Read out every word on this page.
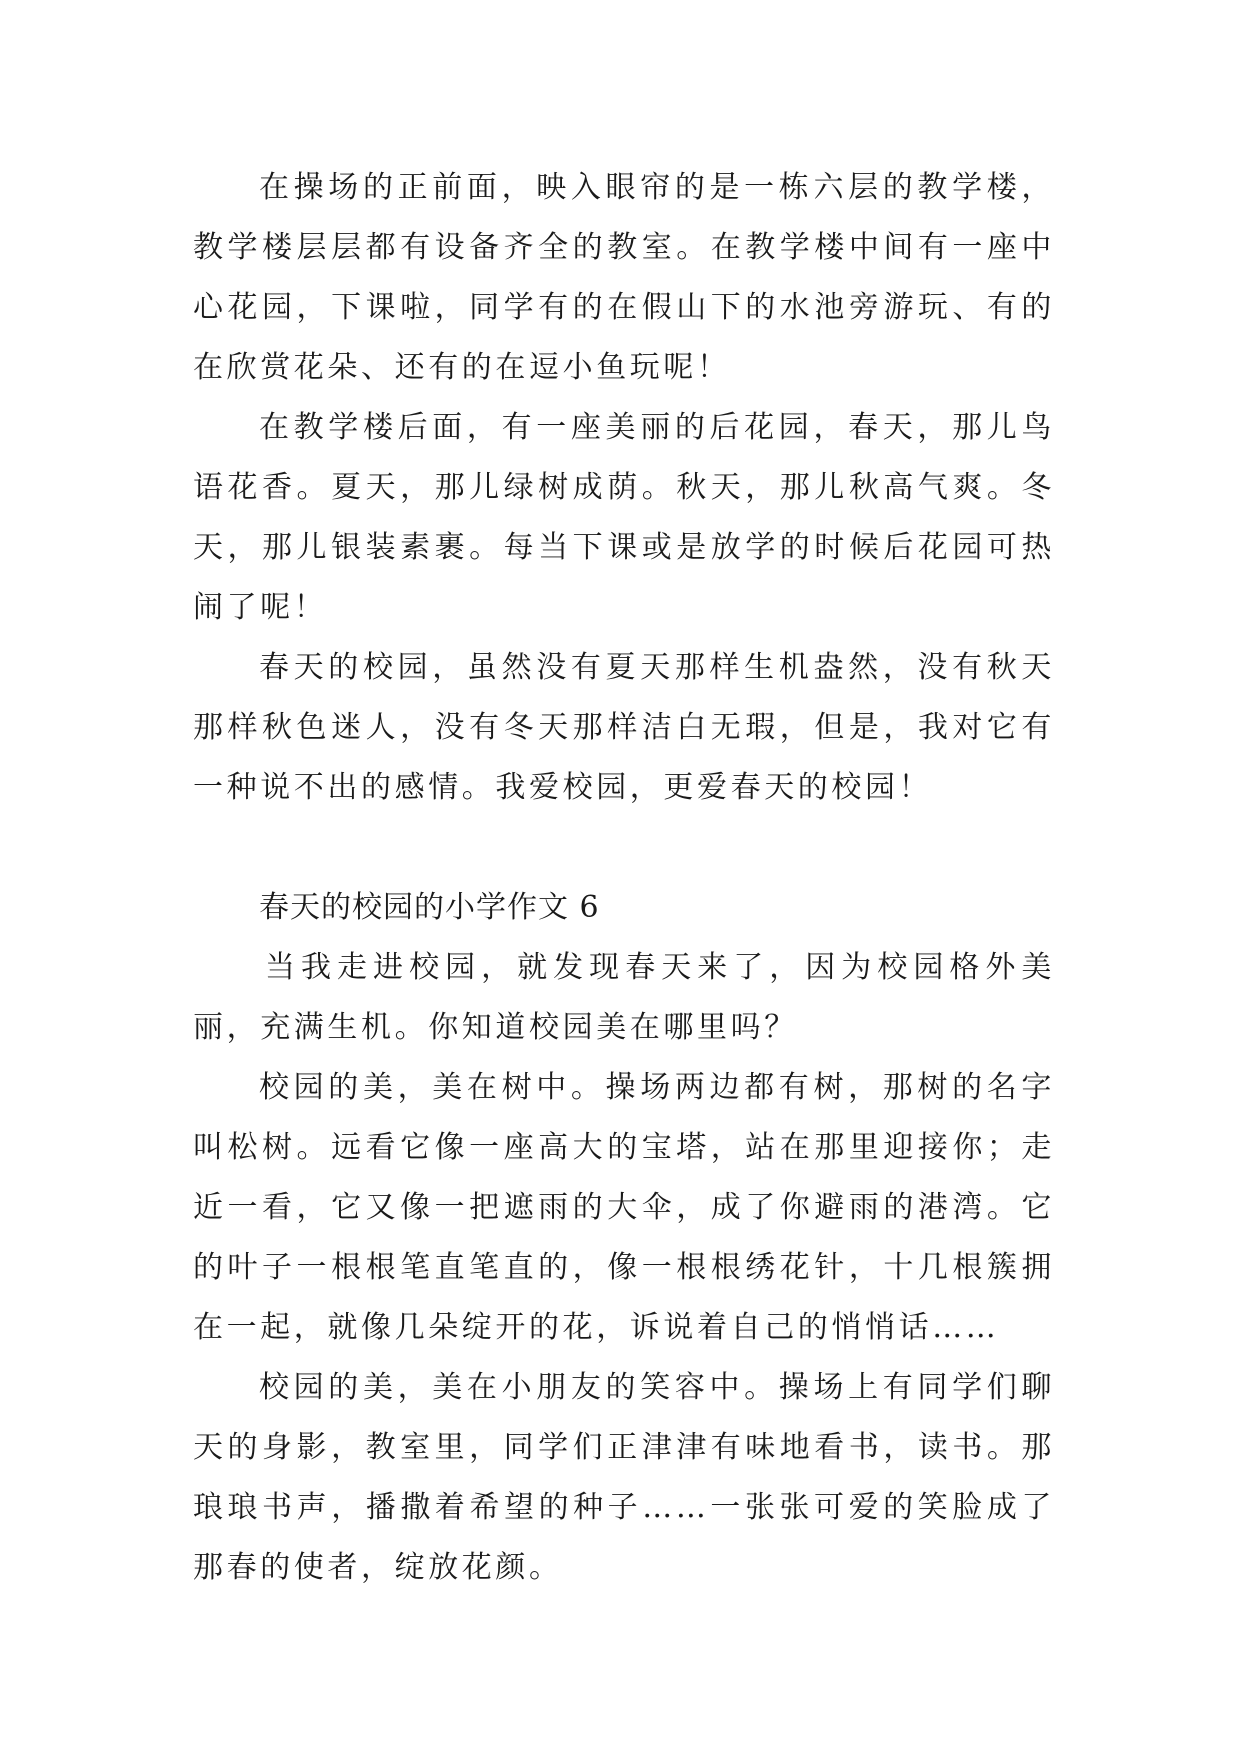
在操场的正前面，映入眼帘的是一栋六层的教学楼，教学楼层层都有设备齐全的教室。在教学楼中间有一座中心花园，下课啦，同学有的在假山下的水池旁游玩、有的在欣赏花朵、还有的在逗小鱼玩呢！

在教学楼后面，有一座美丽的后花园，春天，那儿鸟语花香。夏天，那儿绿树成荫。秋天，那儿秋高气爽。冬天，那儿银装素裹。每当下课或是放学的时候后花园可热闹了呢！

春天的校园，虽然没有夏天那样生机盎然，没有秋天那样秋色迷人，没有冬天那样洁白无瑕，但是，我对它有一种说不出的感情。我爱校园，更爱春天的校园！

春天的校园的小学作文 6

当我走进校园，就发现春天来了，因为校园格外美丽，充满生机。你知道校园美在哪里吗？

校园的美，美在树中。操场两边都有树，那树的名字叫松树。远看它像一座高大的宝塔，站在那里迎接你；走近一看，它又像一把遮雨的大伞，成了你避雨的港湾。它的叶子一根根笔直笔直的，像一根根绣花针，十几根簇拥在一起，就像几朵绽开的花，诉说着自己的悄悄话……

校园的美，美在小朋友的笑容中。操场上有同学们聊天的身影，教室里，同学们正津津有味地看书，读书。那琅琅书声，播撒着希望的种子……一张张可爱的笑脸成了那春的使者，绽放花颜。
